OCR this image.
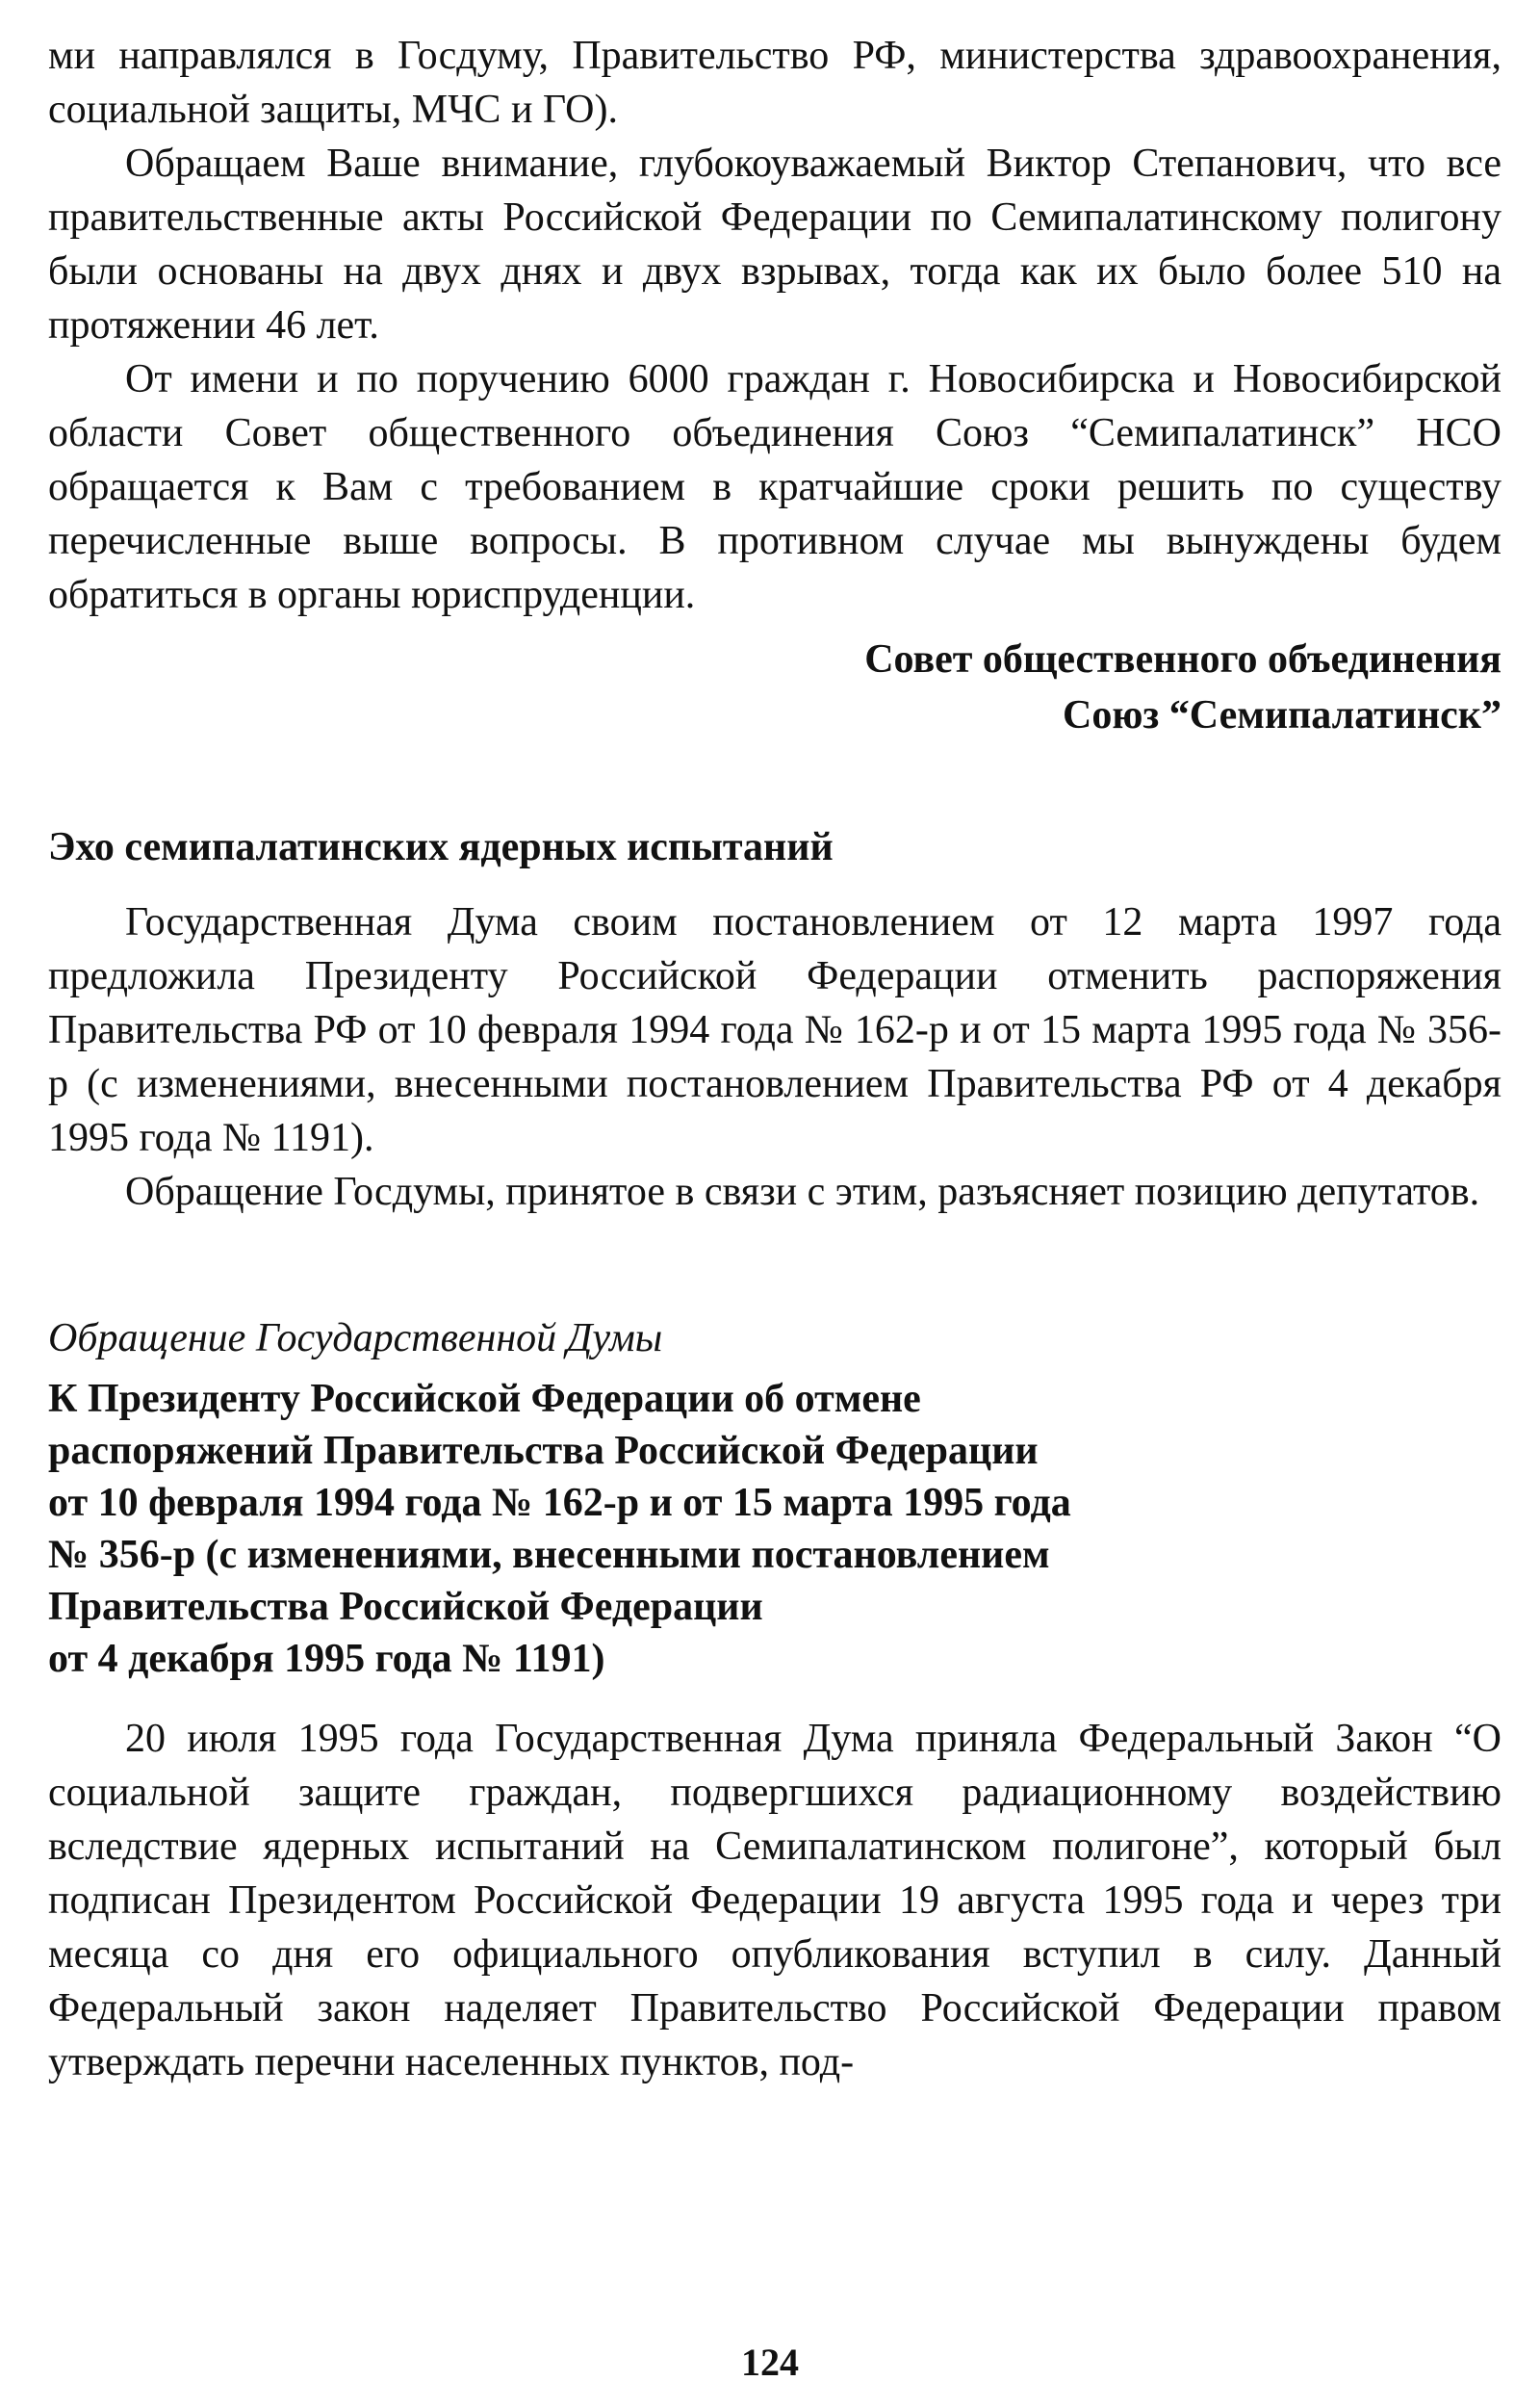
ми направлялся в Госдуму, Правительство РФ, министерства здравоохранения, социальной защиты, МЧС и ГО).

Обращаем Ваше внимание, глубокоуважаемый Виктор Степанович, что все правительственные акты Российской Федерации по Семипалатинскому полигону были основаны на двух днях и двух взрывах, тогда как их было более 510 на протяжении 46 лет.

От имени и по поручению 6000 граждан г. Новосибирска и Новосибирской области Совет общественного объединения Союз “Семипалатинск” НСО обращается к Вам с требованием в кратчайшие сроки решить по существу перечисленные выше вопросы. В противном случае мы вынуждены будем обратиться в органы юриспруденции.

Совет общественного объединения
Союз “Семипалатинск”

Эхо семипалатинских ядерных испытаний

Государственная Дума своим постановлением от 12 марта 1997 года предложила Президенту Российской Федерации отменить распоряжения Правительства РФ от 10 февраля 1994 года № 162-р и от 15 марта 1995 года № 356-р (с изменениями, внесенными постановлением Правительства РФ от 4 декабря 1995 года № 1191).

Обращение Госдумы, принятое в связи с этим, разъясняет позицию депутатов.

Обращение Государственной Думы

К Президенту Российской Федерации об отмене

распоряжений Правительства Российской Федерации

от 10 февраля 1994 года № 162-р и от 15 марта 1995 года

№ 356-р (с изменениями, внесенными постановлением

Правительства Российской Федерации

от 4 декабря 1995 года № 1191)

20 июля 1995 года Государственная Дума приняла Федеральный Закон “О социальной защите граждан, подвергшихся радиационному воздействию вследствие ядерных испытаний на Семипалатинском полигоне”, который был подписан Президентом Российской Федерации 19 августа 1995 года и через три месяца со дня его официального опубликования вступил в силу. Данный Федеральный закон наделяет Правительство Российской Федерации правом утверждать перечни населенных пунктов, под-

124
